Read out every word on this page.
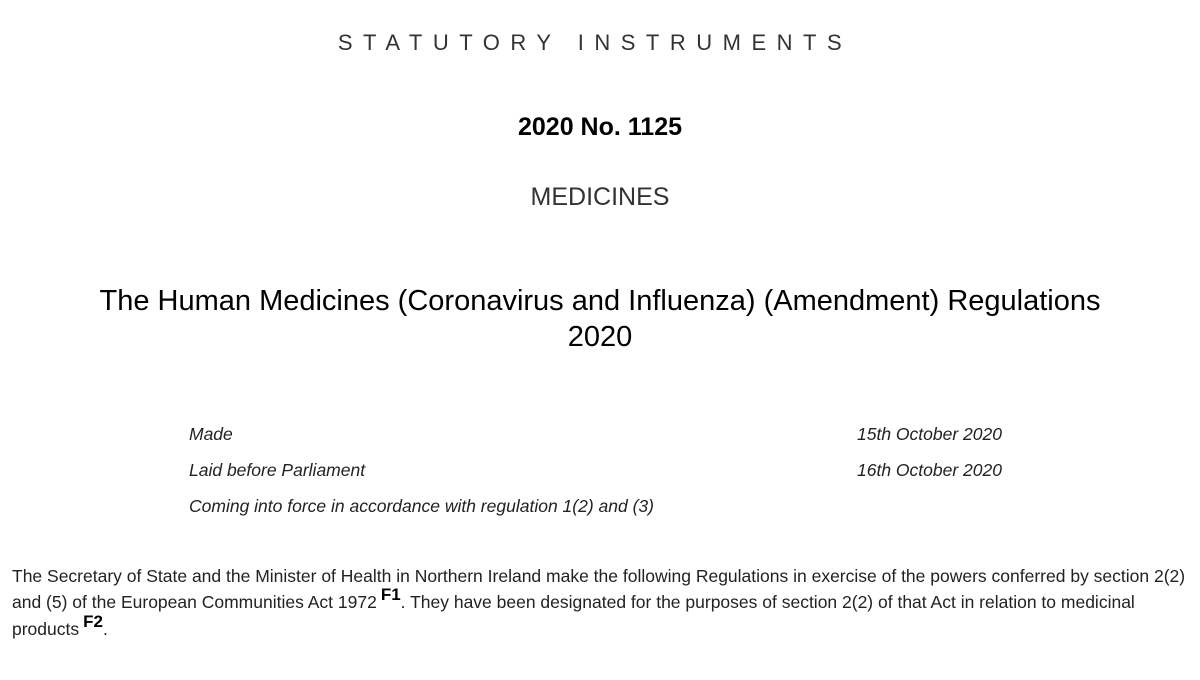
STATUTORY INSTRUMENTS
2020 No. 1125
MEDICINES
The Human Medicines (Coronavirus and Influenza) (Amendment) Regulations
2020
Made	15th October 2020
Laid before Parliament	16th October 2020
Coming into force in accordance with regulation 1(2) and (3)
The Secretary of State and the Minister of Health in Northern Ireland make the following Regulations in exercise of the powers conferred by section 2(2) and (5) of the European Communities Act 1972 F1. They have been designated for the purposes of section 2(2) of that Act in relation to medicinal products F2.
